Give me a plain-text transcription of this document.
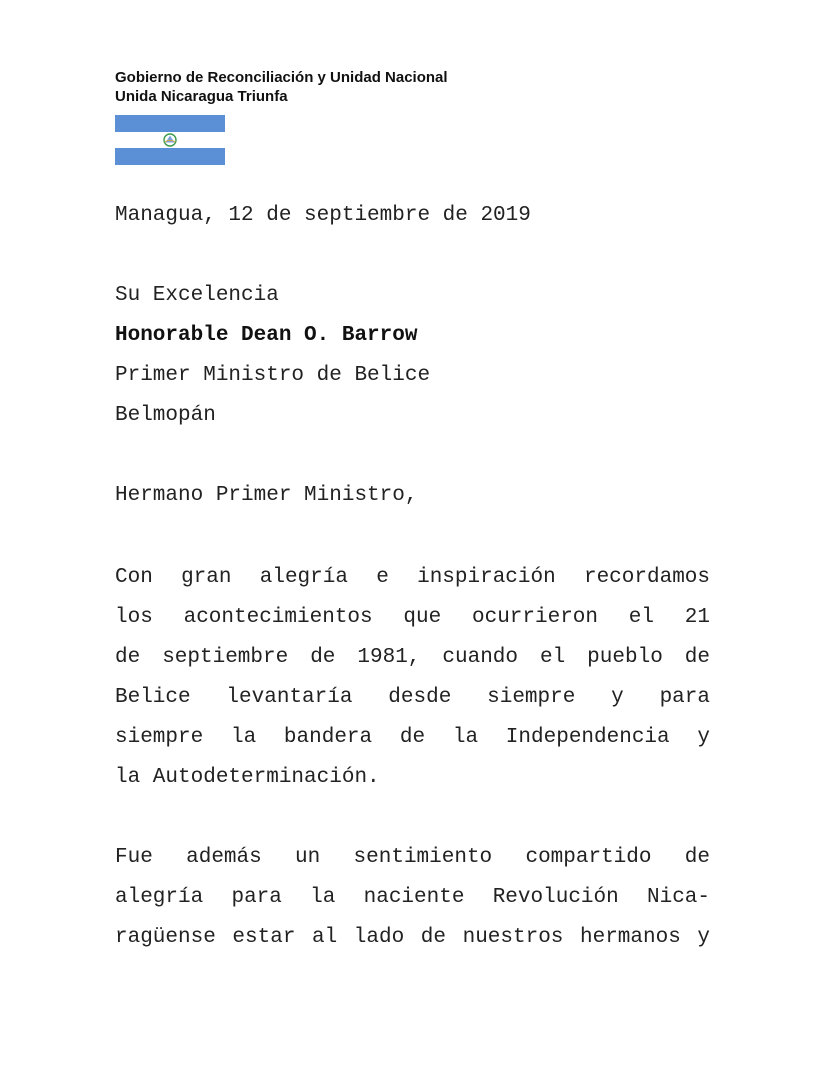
Gobierno de Reconciliación y Unidad Nacional
Unida Nicaragua Triunfa
Managua, 12 de septiembre de 2019
Su Excelencia
Honorable Dean O. Barrow
Primer Ministro de Belice
Belmopán
Hermano Primer Ministro,
Con gran alegría e inspiración recordamos
los acontecimientos que ocurrieron el 21
de septiembre de 1981, cuando el pueblo de
Belice levantaría desde siempre y para
siempre la bandera de la Independencia y
la Autodeterminación.
Fue además un sentimiento compartido de
alegría para la naciente Revolución Nica-
ragüense estar al lado de nuestros hermanos y
